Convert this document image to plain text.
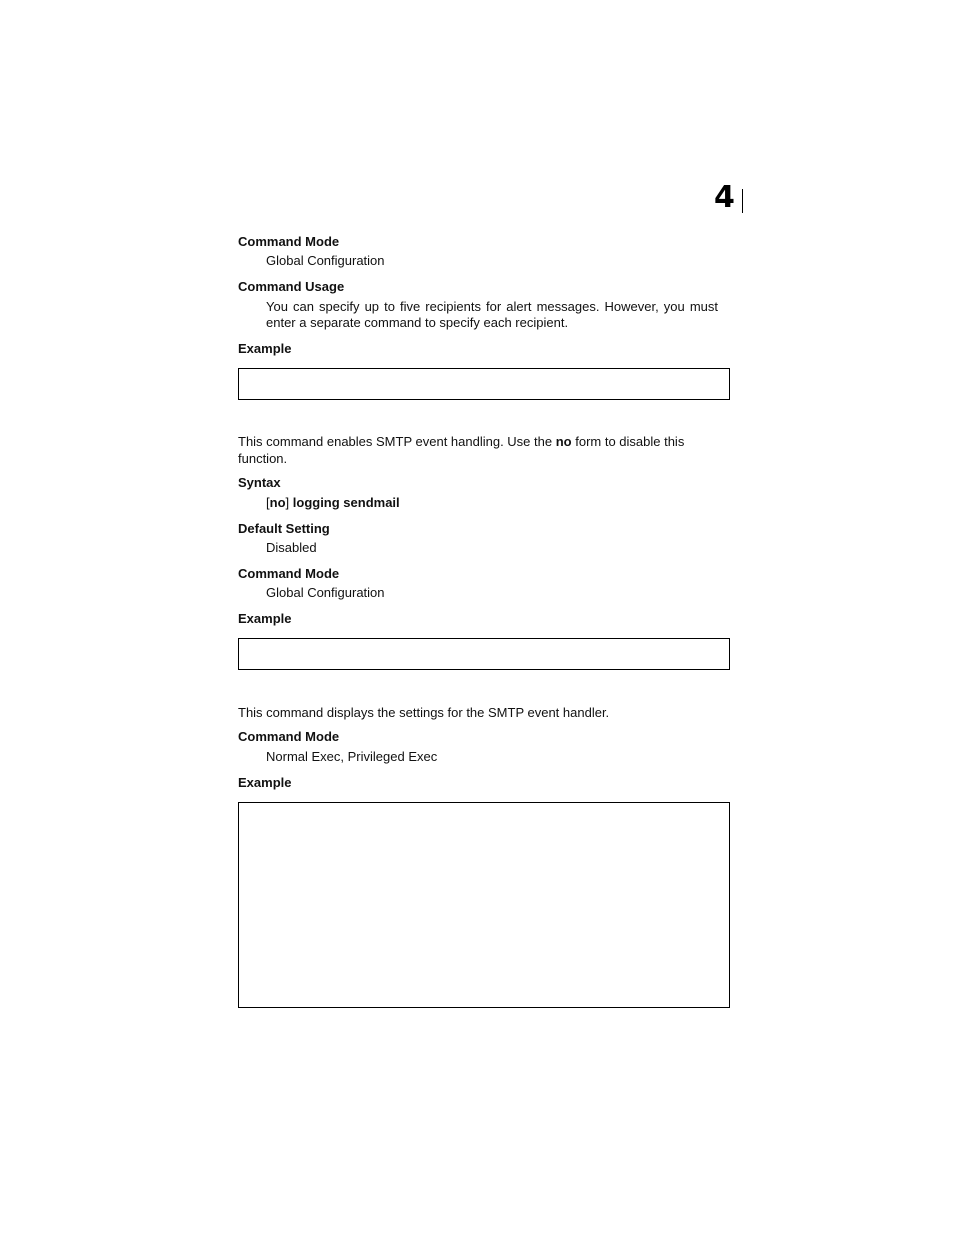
4
Command Mode
Global Configuration
Command Usage
You can specify up to five recipients for alert messages. However, you must enter a separate command to specify each recipient.
Example
This command enables SMTP event handling. Use the no form to disable this function.
Syntax
[no] logging sendmail
Default Setting
Disabled
Command Mode
Global Configuration
Example
This command displays the settings for the SMTP event handler.
Command Mode
Normal Exec, Privileged Exec
Example
